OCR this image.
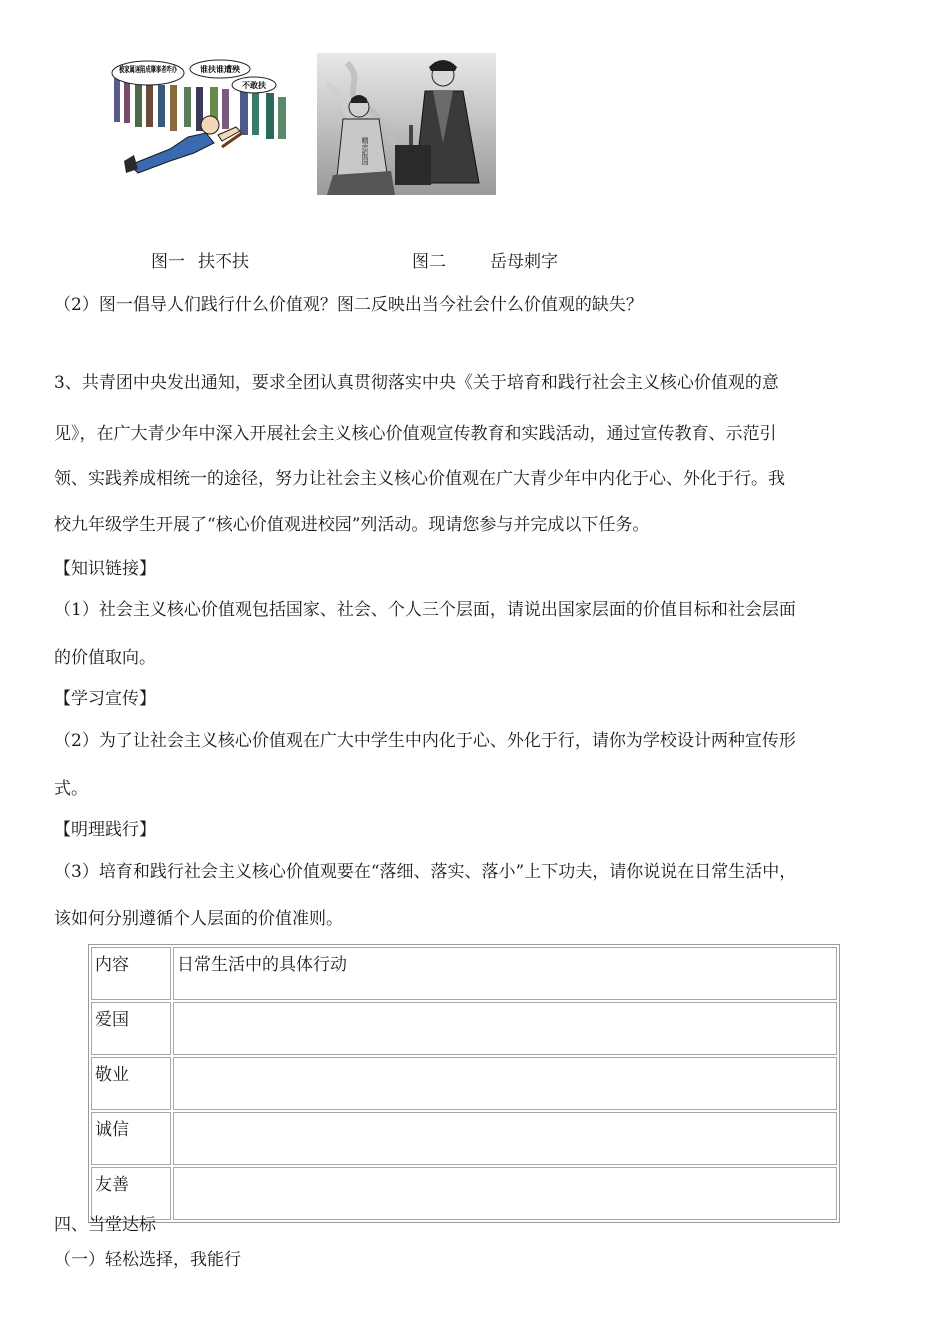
被家属诬陷成肇事者咋办
谁扶谁遭殃
不敢扶
精忠报国
图一 扶不扶	图二	岳母刺字
（2）图一倡导人们践行什么价值观？图二反映出当今社会什么价值观的缺失？
3、共青团中央发出通知，要求全团认真贯彻落实中央《关于培育和践行社会主义核心价值观的意
见》，在广大青少年中深入开展社会主义核心价值观宣传教育和实践活动，通过宣传教育、示范引
领、实践养成相统一的途径，努力让社会主义核心价值观在广大青少年中内化于心、外化于行。我
校九年级学生开展了“核心价值观进校园”列活动。现请您参与并完成以下任务。
【知识链接】
（1）社会主义核心价值观包括国家、社会、个人三个层面，请说出国家层面的价值目标和社会层面
的价值取向。
【学习宣传】
（2）为了让社会主义核心价值观在广大中学生中内化于心、外化于行，请你为学校设计两种宣传形
式。
【明理践行】
（3）培育和践行社会主义核心价值观要在“落细、落实、落小”上下功夫，请你说说在日常生活中，
该如何分别遵循个人层面的价值准则。
内容	日常生活中的具体行动
爱国	
敬业	
诚信	
友善	
四、当堂达标
（一）轻松选择，我能行
